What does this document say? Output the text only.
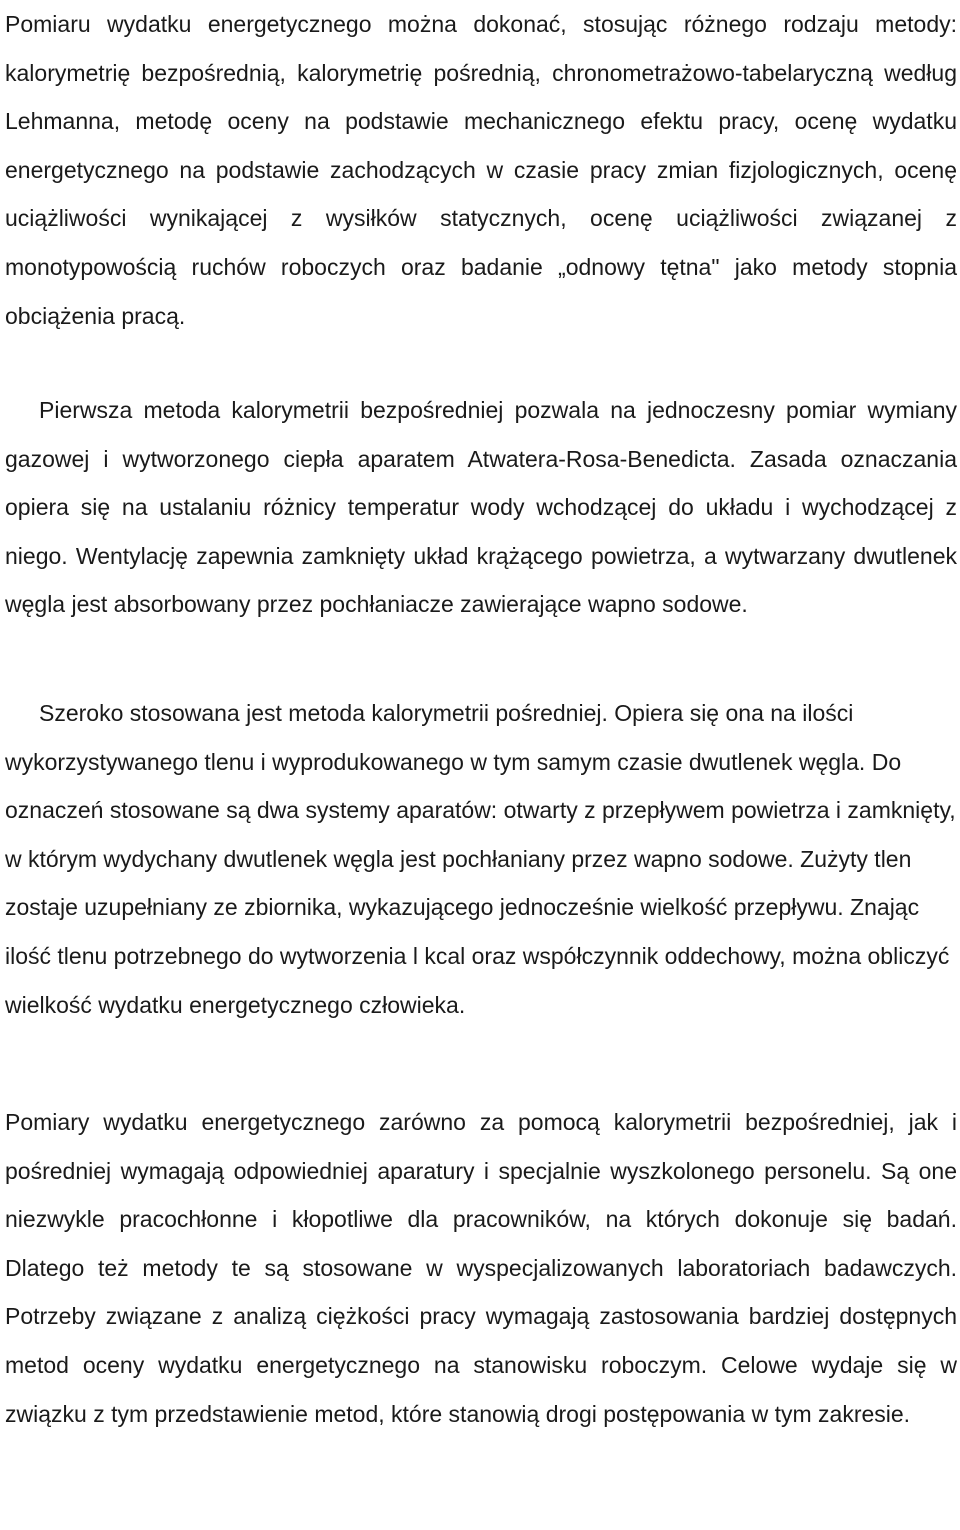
Pomiaru wydatku energetycznego można dokonać, stosując różnego rodzaju metody: kalorymetrię bezpośrednią, kalorymetrię pośrednią, chronometrażowo-tabelaryczną według Lehmanna, metodę oceny na podstawie mechanicznego efektu pracy, ocenę wydatku energetycznego na podstawie zachodzących w czasie pracy zmian fizjologicznych, ocenę uciążliwości wynikającej z wysiłków statycznych, ocenę uciążliwości związanej z monotypowością ruchów roboczych oraz badanie „odnowy tętna" jako metody stopnia obciążenia pracą.

Pierwsza metoda kalorymetrii bezpośredniej pozwala na jednoczesny pomiar wymiany gazowej i wytworzonego ciepła aparatem Atwatera-Rosa-Benedicta. Zasada oznaczania opiera się na ustalaniu różnicy temperatur wody wchodzącej do układu i wychodzącej z niego. Wentylację zapewnia zamknięty układ krążącego powietrza, a wytwarzany dwutlenek węgla jest absorbowany przez pochłaniacze zawierające wapno sodowe.

Szeroko stosowana jest metoda kalorymetrii pośredniej. Opiera się ona na ilości wykorzystywanego tlenu i wyprodukowanego w tym samym czasie dwutlenek węgla. Do oznaczeń stosowane są dwa systemy aparatów: otwarty z przepływem powietrza i zamknięty, w którym wydychany dwutlenek węgla jest pochłaniany przez wapno sodowe. Zużyty tlen zostaje uzupełniany ze zbiornika, wykazującego jednocześnie wielkość przepływu. Znając ilość tlenu potrzebnego do wytworzenia l kcal oraz współczynnik oddechowy, można obliczyć wielkość wydatku energetycznego człowieka.

Pomiary wydatku energetycznego zarówno za pomocą kalorymetrii bezpośredniej, jak i pośredniej wymagają odpowiedniej aparatury i specjalnie wyszkolonego personelu. Są one niezwykle pracochłonne i kłopotliwe dla pracowników, na których dokonuje się badań. Dlatego też metody te są stosowane w wyspecjalizowanych laboratoriach badawczych. Potrzeby związane z analizą ciężkości pracy wymagają zastosowania bardziej dostępnych metod oceny wydatku energetycznego na stanowisku roboczym. Celowe wydaje się w związku z tym przedstawienie metod, które stanowią drogi postępowania w tym zakresie.
